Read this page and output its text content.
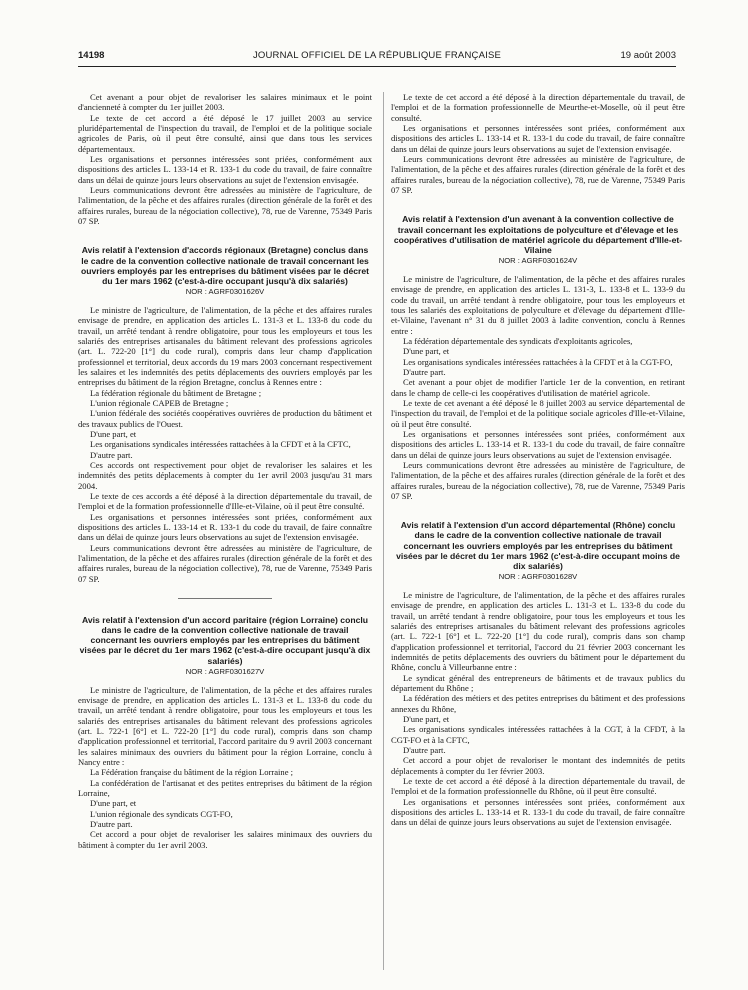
14198	JOURNAL OFFICIEL DE LA RÉPUBLIQUE FRANÇAISE	19 août 2003

Cet avenant a pour objet de revaloriser les salaires minimaux et le point d'ancienneté à compter du 1er juillet 2003.

Le texte de cet accord a été déposé le 17 juillet 2003 au service pluridépartemental de l'inspection du travail, de l'emploi et de la politique sociale agricoles de Paris, où il peut être consulté, ainsi que dans tous les services départementaux.

Les organisations et personnes intéressées sont priées, conformément aux dispositions des articles L. 133-14 et R. 133-1 du code du travail, de faire connaître dans un délai de quinze jours leurs observations au sujet de l'extension envisagée.

Leurs communications devront être adressées au ministère de l'agriculture, de l'alimentation, de la pêche et des affaires rurales (direction générale de la forêt et des affaires rurales, bureau de la négociation collective), 78, rue de Varenne, 75349 Paris 07 SP.

Avis relatif à l'extension d'accords régionaux (Bretagne) conclus dans le cadre de la convention collective nationale de travail concernant les ouvriers employés par les entreprises du bâtiment visées par le décret du 1er mars 1962 (c'est-à-dire occupant jusqu'à dix salariés)
NOR : AGRF0301626V

Le ministre de l'agriculture, de l'alimentation, de la pêche et des affaires rurales envisage de prendre, en application des articles L. 131-3 et L. 133-8 du code du travail, un arrêté tendant à rendre obligatoire, pour tous les employeurs et tous les salariés des entreprises artisanales du bâtiment relevant des professions agricoles (art. L. 722-20 [1°] du code rural), compris dans leur champ d'application professionnel et territorial, deux accords du 19 mars 2003 concernant respectivement les salaires et les indemnités des petits déplacements des ouvriers employés par les entreprises du bâtiment de la région Bretagne, conclus à Rennes entre :

La fédération régionale du bâtiment de Bretagne ;

L'union régionale CAPEB de Bretagne ;

L'union fédérale des sociétés coopératives ouvrières de production du bâtiment et des travaux publics de l'Ouest.

D'une part, et

Les organisations syndicales intéressées rattachées à la CFDT et à la CFTC,

D'autre part.

Ces accords ont respectivement pour objet de revaloriser les salaires et les indemnités des petits déplacements à compter du 1er avril 2003 jusqu'au 31 mars 2004.

Le texte de ces accords a été déposé à la direction départementale du travail, de l'emploi et de la formation professionnelle d'Ille-et-Vilaine, où il peut être consulté.

Les organisations et personnes intéressées sont priées, conformément aux dispositions des articles L. 133-14 et R. 133-1 du code du travail, de faire connaître dans un délai de quinze jours leurs observations au sujet de l'extension envisagée.

Leurs communications devront être adressées au ministère de l'agriculture, de l'alimentation, de la pêche et des affaires rurales (direction générale de la forêt et des affaires rurales, bureau de la négociation collective), 78, rue de Varenne, 75349 Paris 07 SP.

Avis relatif à l'extension d'un accord paritaire (région Lorraine) conclu dans le cadre de la convention collective nationale de travail concernant les ouvriers employés par les entreprises du bâtiment visées par le décret du 1er mars 1962 (c'est-à-dire occupant jusqu'à dix salariés)
NOR : AGRF0301627V

Le ministre de l'agriculture, de l'alimentation, de la pêche et des affaires rurales envisage de prendre, en application des articles L. 131-3 et L. 133-8 du code du travail, un arrêté tendant à rendre obligatoire, pour tous les employeurs et tous les salariés des entreprises artisanales du bâtiment relevant des professions agricoles (art. L. 722-1 [6°] et L. 722-20 [1°] du code rural), compris dans son champ d'application professionnel et territorial, l'accord paritaire du 9 avril 2003 concernant les salaires minimaux des ouvriers du bâtiment pour la région Lorraine, conclu à Nancy entre :

La Fédération française du bâtiment de la région Lorraine ;

La confédération de l'artisanat et des petites entreprises du bâtiment de la région Lorraine,

D'une part, et

L'union régionale des syndicats CGT-FO,

D'autre part.

Cet accord a pour objet de revaloriser les salaires minimaux des ouvriers du bâtiment à compter du 1er avril 2003.

Le texte de cet accord a été déposé à la direction départementale du travail, de l'emploi et de la formation professionnelle de Meurthe-et-Moselle, où il peut être consulté.

Les organisations et personnes intéressées sont priées, conformément aux dispositions des articles L. 133-14 et R. 133-1 du code du travail, de faire connaître dans un délai de quinze jours leurs observations au sujet de l'extension envisagée.

Leurs communications devront être adressées au ministère de l'agriculture, de l'alimentation, de la pêche et des affaires rurales (direction générale de la forêt et des affaires rurales, bureau de la négociation collective), 78, rue de Varenne, 75349 Paris 07 SP.

Avis relatif à l'extension d'un avenant à la convention collective de travail concernant les exploitations de polyculture et d'élevage et les coopératives d'utilisation de matériel agricole du département d'Ille-et-Vilaine
NOR : AGRF0301624V

Le ministre de l'agriculture, de l'alimentation, de la pêche et des affaires rurales envisage de prendre, en application des articles L. 131-3, L. 133-8 et L. 133-9 du code du travail, un arrêté tendant à rendre obligatoire, pour tous les employeurs et tous les salariés des exploitations de polyculture et d'élevage du département d'Ille-et-Vilaine, l'avenant n° 31 du 8 juillet 2003 à ladite convention, conclu à Rennes entre :

La fédération départementale des syndicats d'exploitants agricoles,

D'une part, et

Les organisations syndicales intéressées rattachées à la CFDT et à la CGT-FO,

D'autre part.

Cet avenant a pour objet de modifier l'article 1er de la convention, en retirant dans le champ de celle-ci les coopératives d'utilisation de matériel agricole.

Le texte de cet avenant a été déposé le 8 juillet 2003 au service départemental de l'inspection du travail, de l'emploi et de la politique sociale agricoles d'Ille-et-Vilaine, où il peut être consulté.

Les organisations et personnes intéressées sont priées, conformément aux dispositions des articles L. 133-14 et R. 133-1 du code du travail, de faire connaître dans un délai de quinze jours leurs observations au sujet de l'extension envisagée.

Leurs communications devront être adressées au ministère de l'agriculture, de l'alimentation, de la pêche et des affaires rurales (direction générale de la forêt et des affaires rurales, bureau de la négociation collective), 78, rue de Varenne, 75349 Paris 07 SP.

Avis relatif à l'extension d'un accord départemental (Rhône) conclu dans le cadre de la convention collective nationale de travail concernant les ouvriers employés par les entreprises du bâtiment visées par le décret du 1er mars 1962 (c'est-à-dire occupant moins de dix salariés)
NOR : AGRF0301628V

Le ministre de l'agriculture, de l'alimentation, de la pêche et des affaires rurales envisage de prendre, en application des articles L. 131-3 et L. 133-8 du code du travail, un arrêté tendant à rendre obligatoire, pour tous les employeurs et tous les salariés des entreprises artisanales du bâtiment relevant des professions agricoles (art. L. 722-1 [6°] et L. 722-20 [1°] du code rural), compris dans son champ d'application professionnel et territorial, l'accord du 21 février 2003 concernant les indemnités de petits déplacements des ouvriers du bâtiment pour le département du Rhône, conclu à Villeurbanne entre :

Le syndicat général des entrepreneurs de bâtiments et de travaux publics du département du Rhône ;

La fédération des métiers et des petites entreprises du bâtiment et des professions annexes du Rhône,

D'une part, et

Les organisations syndicales intéressées rattachées à la CGT, à la CFDT, à la CGT-FO et à la CFTC,

D'autre part.

Cet accord a pour objet de revaloriser le montant des indemnités de petits déplacements à compter du 1er février 2003.

Le texte de cet accord a été déposé à la direction départementale du travail, de l'emploi et de la formation professionnelle du Rhône, où il peut être consulté.

Les organisations et personnes intéressées sont priées, conformément aux dispositions des articles L. 133-14 et R. 133-1 du code du travail, de faire connaître dans un délai de quinze jours leurs observations au sujet de l'extension envisagée.
